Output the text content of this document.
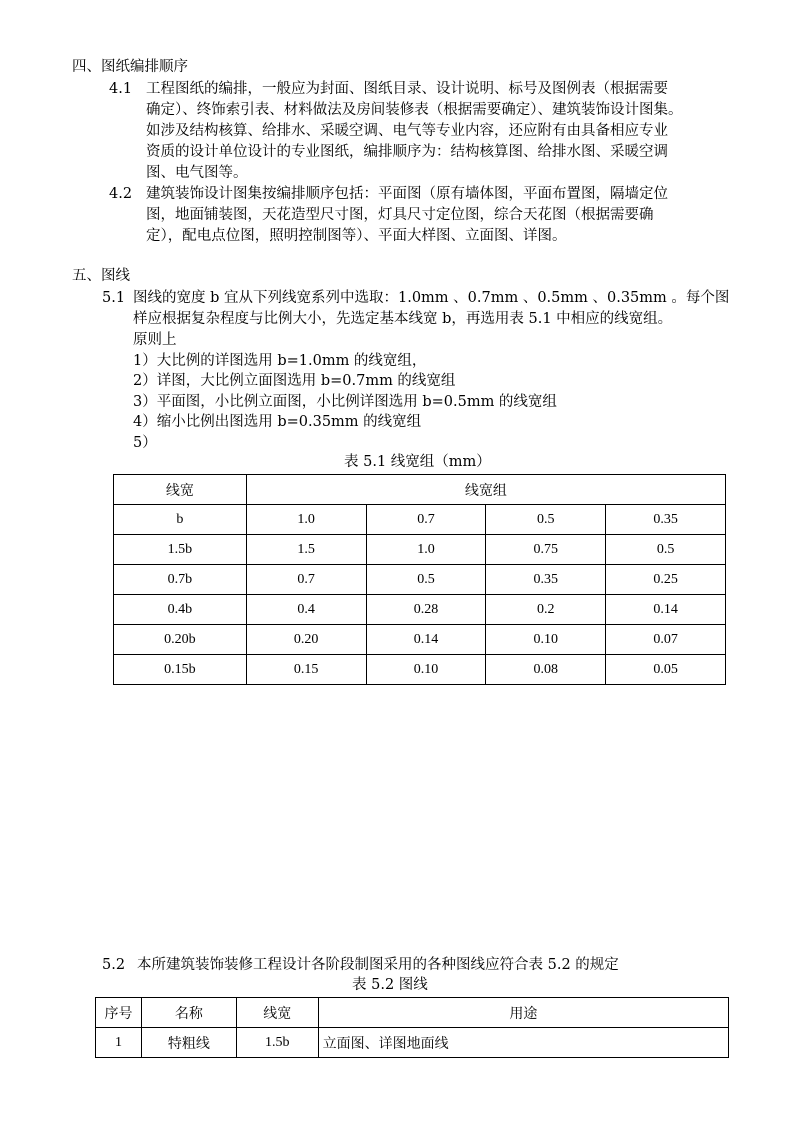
四、图纸编排顺序
4.1 工程图纸的编排，一般应为封面、图纸目录、设计说明、标号及图例表（根据需要
确定）、终饰索引表、材料做法及房间装修表（根据需要确定）、建筑装饰设计图集。
如涉及结构核算、给排水、采暖空调、电气等专业内容，还应附有由具备相应专业
资质的设计单位设计的专业图纸，编排顺序为：结构核算图、给排水图、采暖空调
图、电气图等。
4.2 建筑装饰设计图集按编排顺序包括：平面图（原有墙体图，平面布置图，隔墙定位
图，地面铺装图，天花造型尺寸图，灯具尺寸定位图，综合天花图（根据需要确
定），配电点位图，照明控制图等）、平面大样图、立面图、详图。
五、图线
5.1 图线的宽度 b 宜从下列线宽系列中选取：1.0mm 、0.7mm 、0.5mm 、0.35mm 。每个图
样应根据复杂程度与比例大小，先选定基本线宽 b，再选用表 5.1 中相应的线宽组。
原则上
1）大比例的详图选用 b=1.0mm 的线宽组，
2）详图，大比例立面图选用 b=0.7mm 的线宽组
3）平面图，小比例立面图，小比例详图选用 b=0.5mm 的线宽组
4）缩小比例出图选用 b=0.35mm 的线宽组
5）
表 5.1 线宽组（mm）
线宽	线宽组			
b	1.0	0.7	0.5	0.35
1.5b	1.5	1.0	0.75	0.5
0.7b	0.7	0.5	0.35	0.25
0.4b	0.4	0.28	0.2	0.14
0.20b	0.20	0.14	0.10	0.07
0.15b	0.15	0.10	0.08	0.05
5.2 本所建筑装饰装修工程设计各阶段制图采用的各种图线应符合表 5.2 的规定
表 5.2 图线
序号	名称	线宽	用途
1	特粗线	1.5b	立面图、详图地面线
